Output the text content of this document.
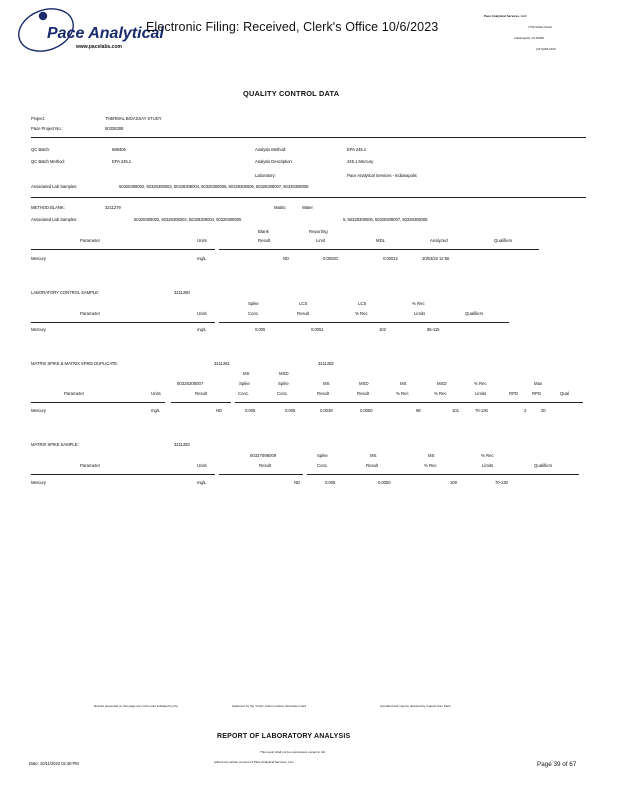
Pace Analytical
www.pacelabs.com
Electronic Filing: Received, Clerk's Office 10/6/2023
Pace Analytical Services, LLC
7726 Moller Road
Indianapolis, IN 46268
(317)228-3100
QUALITY CONTROL DATA
Project:	THERMAL BIOASSAY STUDY
Pace Project No.:	50328308
QC Batch:	698406	Analysis Method:	EPA 245.1
QC Batch Method:	EPA 245.1	Analysis Description:	245.1 Mercury
Laboratory:	Pace Analytical Services - Indianapolis
Associated Lab Samples:	50328308002, 50328308003, 50328308004, 50328308005, 50328308006, 50328308007, 50328308008
METHOD BLANK:	3211279	Matrix:	Water
Associated Lab Samples:	50328308002, 50328308003, 50328308004, 50328308005	5, 50328308006, 50328308007, 50328308008
Blank	Reporting
Parameter	Units	Result	Limit	MDL	Analyzed	Qualifiers
Mercury	mg/L	ND	0.00020	0.00012	10/03/22 12:56
LABORATORY CONTROL SAMPLE:	3211280
Spike	LCS	LCS	% Rec
Parameter	Units	Conc.	Result	% Rec	Limits	Qualifiers
Mercury	mg/L	0.005	0.0051	102	85-115
MATRIX SPIKE & MATRIX SPIKE DUPLICATE:	3211281	3211282
MS	MSD
50328308007	Spike	Spike	MS	MSD	MS	MSD	% Rec	Max
Parameter	Units	Result	Conc.	Conc.	Result	Result	% Rec	% Rec	Limits	RPD	RPD	Qual
Mercury	mg/L	ND	0.005	0.005	0.0049	0.0050	98	101	70-130	2	20
MATRIX SPIKE SAMPLE:	3211283
50327598009	Spike	MS	MS	% Rec
Parameter	Units	Result	Conc.	Result	% Rec	Limits	Qualifiers
Mercury	mg/L	ND	0.005	0.0050	100	70-130
Results presented on this page are in the units indicated by the	statement by the "Units" column unless otherwise noted	preceded and may be obtained by request from Pace
REPORT OF LABORATORY ANALYSIS
This report shall not be reproduced, except in full,
without the written consent of Pace Analytical Services, LLC.
Date: 10/11/2022 02:48 PM	Page 39 of 67
